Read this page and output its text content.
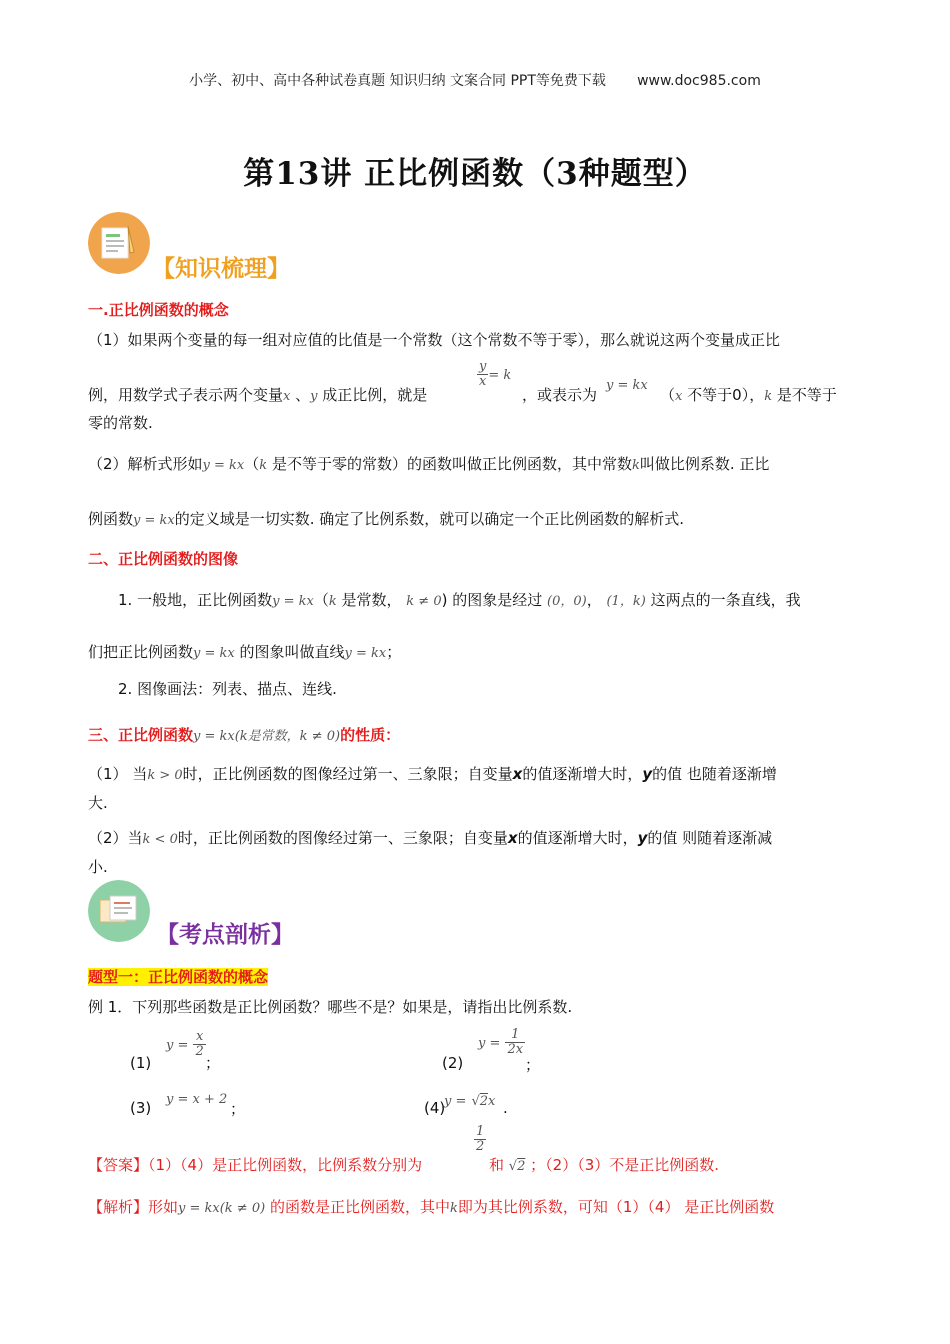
小学、初中、高中各种试卷真题 知识归纳 文案合同 PPT等免费下载 www.doc985.com
第13讲 正比例函数（3种题型）
【知识梳理】
一.正比例函数的概念
（1）如果两个变量的每一组对应值的比值是一个常数（这个常数不等于零），那么就说这两个变量成正比
例，用数学式子表示两个变量x 、y 成正比例，就是
$\frac{y}{x} = k$
，或表示为
y = kx
（x 不等于0），k 是不等于
零的常数.
（2）解析式形如y = kx（k 是不等于零的常数）的函数叫做正比例函数，其中常数k叫做比例系数. 正比
例函数y = kx的定义域是一切实数. 确定了比例系数，就可以确定一个正比例函数的解析式.
二、正比例函数的图像
1. 一般地，正比例函数y = kx（k 是常数， k ≠ 0) 的图象是经过 (0，0)， (1，k) 这两点的一条直线，我
们把正比例函数y = kx 的图象叫做直线y = kx；
2. 图像画法：列表、描点、连线.
三、正比例函数y = kx(k是常数，k ≠ 0)的性质：
（1） 当k > 0时，正比例函数的图像经过第一、三象限；自变量x的值逐渐增大时，y的值 也随着逐渐增
大.
（2）当k < 0时，正比例函数的图像经过第一、三象限；自变量x的值逐渐增大时，y的值 则随着逐渐减
小.
【考点剖析】
题型一：正比例函数的概念
例 1．下列那些函数是正比例函数？哪些不是？如果是，请指出比例系数.
(1)
$y = \frac{x}{2}$
；	(2)
$y = \frac{1}{2x}$
；
(3) y = x + 2
；	(4)
y = √2x .
【答案】（1）（4）是正比例函数，比例系数分别为
$\frac{1}{2}$
和 √2 ；（2）（3）不是正比例函数.
【解析】形如y = kx(k ≠ 0) 的函数是正比例函数，其中k即为其比例系数，可知（1）（4） 是正比例函数
